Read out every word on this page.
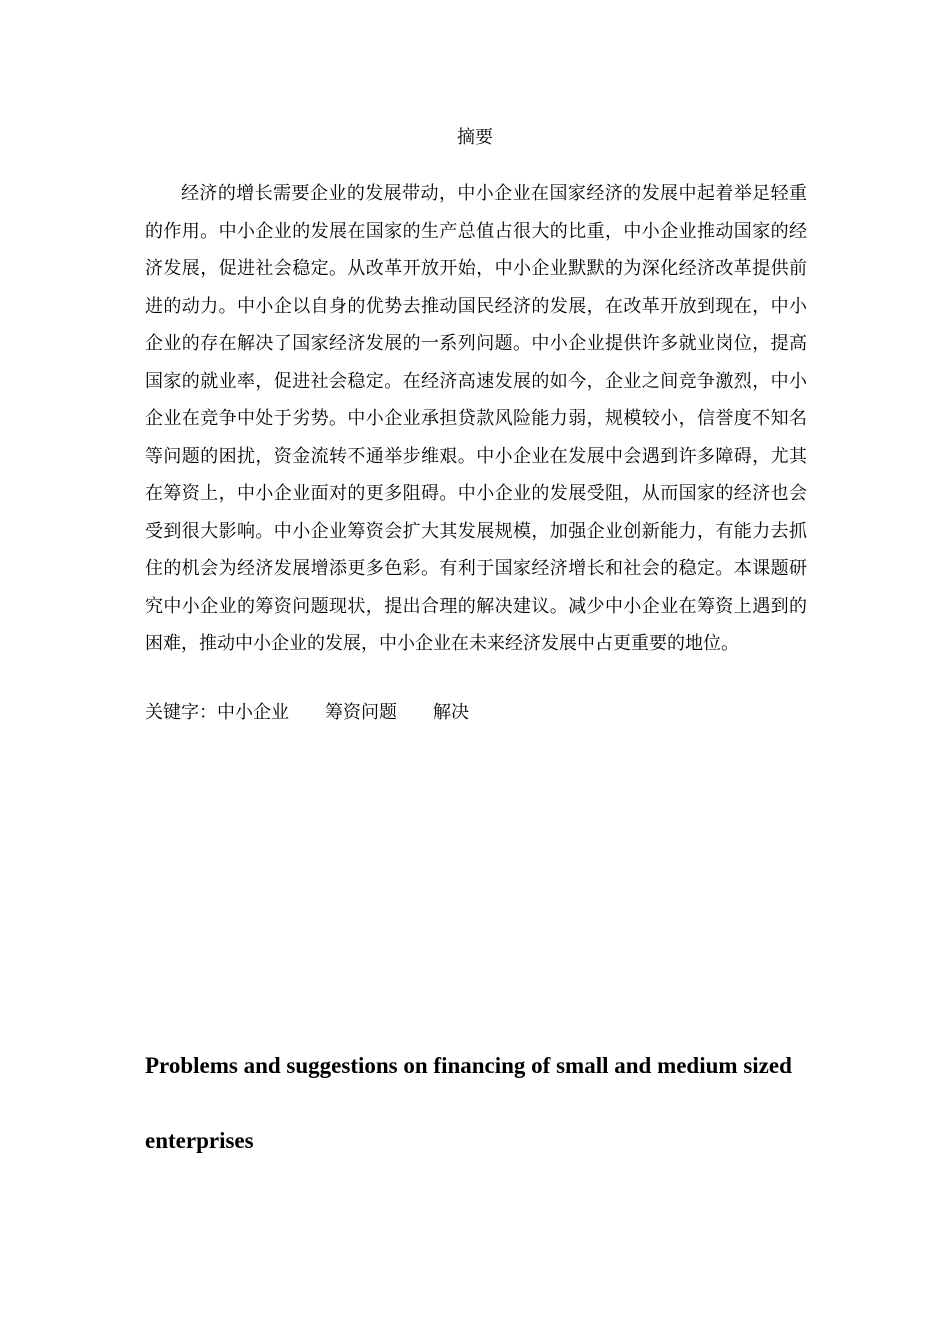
摘要

经济的增长需要企业的发展带动，中小企业在国家经济的发展中起着举足轻重的作用。中小企业的发展在国家的生产总值占很大的比重，中小企业推动国家的经济发展，促进社会稳定。从改革开放开始，中小企业默默的为深化经济改革提供前进的动力。中小企以自身的优势去推动国民经济的发展，在改革开放到现在，中小企业的存在解决了国家经济发展的一系列问题。中小企业提供许多就业岗位，提高国家的就业率，促进社会稳定。在经济高速发展的如今，企业之间竞争激烈，中小企业在竞争中处于劣势。中小企业承担贷款风险能力弱，规模较小，信誉度不知名等问题的困扰，资金流转不通举步维艰。中小企业在发展中会遇到许多障碍，尤其在筹资上，中小企业面对的更多阻碍。中小企业的发展受阻，从而国家的经济也会受到很大影响。中小企业筹资会扩大其发展规模，加强企业创新能力，有能力去抓住的机会为经济发展增添更多色彩。有利于国家经济增长和社会的稳定。本课题研究中小企业的筹资问题现状，提出合理的解决建议。减少中小企业在筹资上遇到的困难，推动中小企业的发展，中小企业在未来经济发展中占更重要的地位。

关键字：中小企业 筹资问题 解决
Problems and suggestions on financing of small and medium sized enterprises
